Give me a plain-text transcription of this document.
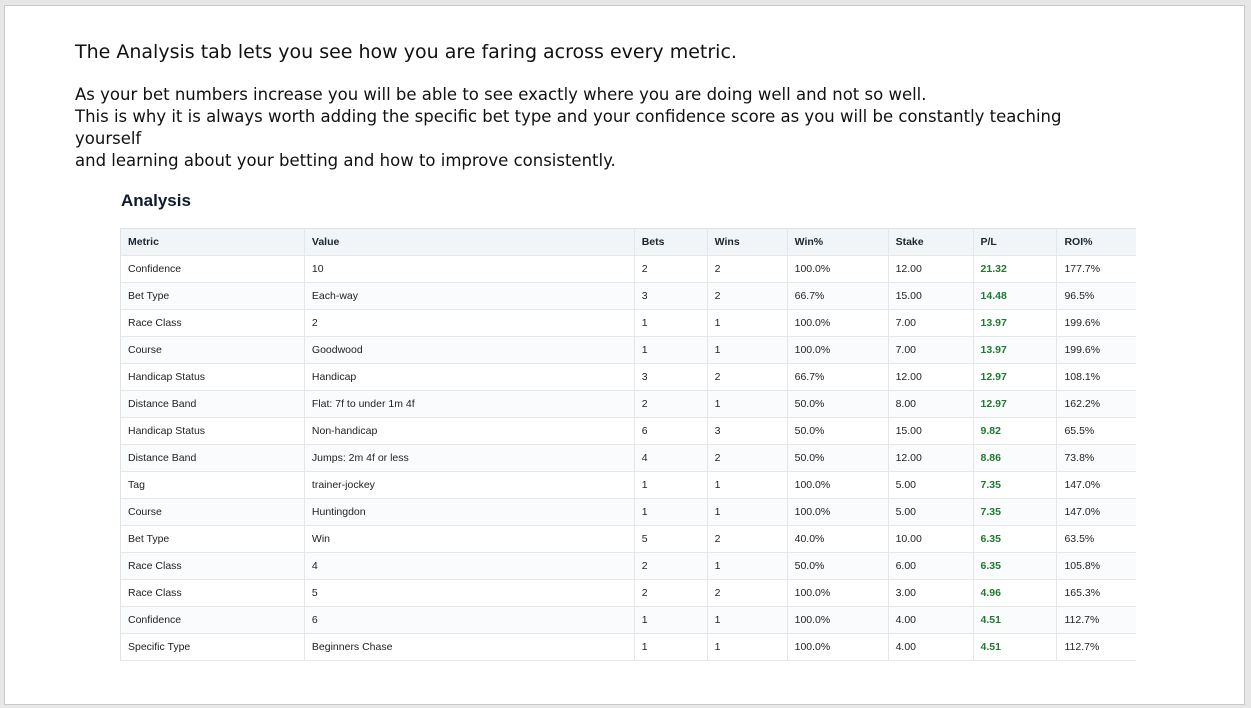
The Analysis tab lets you see how you are faring across every metric.

As your bet numbers increase you will be able to see exactly where you are doing well and not so well.
This is why it is always worth adding the specific bet type and your confidence score as you will be constantly teaching yourself
and learning about your betting and how to improve consistently.

Analysis
Metric	Value	Bets	Wins	Win%	Stake	P/L	ROI%
Confidence	10	2	2	100.0%	12.00	21.32	177.7%
Bet Type	Each-way	3	2	66.7%	15.00	14.48	96.5%
Race Class	2	1	1	100.0%	7.00	13.97	199.6%
Course	Goodwood	1	1	100.0%	7.00	13.97	199.6%
Handicap Status	Handicap	3	2	66.7%	12.00	12.97	108.1%
Distance Band	Flat: 7f to under 1m 4f	2	1	50.0%	8.00	12.97	162.2%
Handicap Status	Non-handicap	6	3	50.0%	15.00	9.82	65.5%
Distance Band	Jumps: 2m 4f or less	4	2	50.0%	12.00	8.86	73.8%
Tag	trainer-jockey	1	1	100.0%	5.00	7.35	147.0%
Course	Huntingdon	1	1	100.0%	5.00	7.35	147.0%
Bet Type	Win	5	2	40.0%	10.00	6.35	63.5%
Race Class	4	2	1	50.0%	6.00	6.35	105.8%
Race Class	5	2	2	100.0%	3.00	4.96	165.3%
Confidence	6	1	1	100.0%	4.00	4.51	112.7%
Specific Type	Beginners Chase	1	1	100.0%	4.00	4.51	112.7%
